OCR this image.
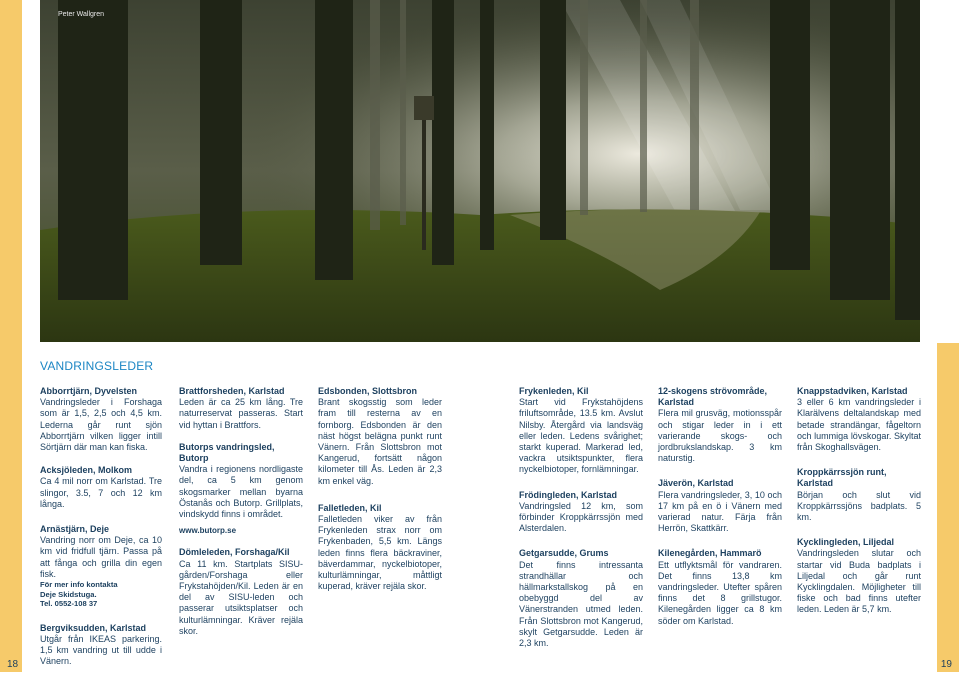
Peter Wallgren
VANDRINGSLEDER
Abborrtjärn, Dyvelsten

Vandringsleder i Forshaga som är 1,5, 2,5 och 4,5 km. Lederna går runt sjön Abborrtjärn vilken ligger intill Sörtjärn där man kan fiska.

Acksjöleden, Molkom

Ca 4 mil norr om Karlstad. Tre slingor, 3.5, 7 och 12 km långa.

Arnästjärn, Deje

Vandring norr om Deje, ca 10 km vid fridfull tjärn. Passa på att fånga och grilla din egen fisk.

För mer info kontakta
Deje Skidstuga.
Tel. 0552-108 37
Bergviksudden, Karlstad

Utgår från IKEAS parkering. 1,5 km vandring ut till udde i Vänern.

Brattforsheden, Karlstad

Leden är ca 25 km lång. Tre naturreservat passeras. Start vid hyttan i Brattfors.

Butorps vandringsled, Butorp

Vandra i regionens nordligaste del, ca 5 km genom skogsmarker mellan byarna Östanås och Butorp. Grillplats, vindskydd finns i området.

www.butorp.se
Dömleleden, Forshaga/Kil

Ca 11 km. Startplats SISU-gården/Forshaga eller Frykstahöjden/Kil. Leden är en del av SISU-leden och passerar utsiktsplatser och kulturlämningar. Kräver rejäla skor.

Edsbonden, Slottsbron

Brant skogsstig som leder fram till resterna av en fornborg. Edsbonden är den näst högst belägna punkt runt Vänern. Från Slottsbron mot Kangerud, fortsätt någon kilometer till Ås. Leden är 2,3 km enkel väg.

Falletleden, Kil

Falletleden viker av från Frykenleden strax norr om Frykenbaden, 5,5 km. Längs leden finns flera bäckraviner, bäverdammar, nyckelbiotoper, kulturlämningar, måttligt kuperad, kräver rejäla skor.

Frykenleden, Kil

Start vid Frykstahöjdens friluftsområde, 13.5 km. Avslut Nilsby. Återgård via landsväg eller leden. Ledens svårighet; starkt kuperad. Markerad led, vackra utsiktspunkter, flera nyckelbiotoper, fornlämningar.

Frödingleden, Karlstad

Vandringsled 12 km, som förbinder Kroppkärrssjön med Alsterdalen.

Getgarsudde, Grums

Det finns intressanta strandhällar och hällmarkstallskog på en obebyggd del av Vänerstranden utmed leden. Från Slottsbron mot Kangerud, skylt Getgarsudde. Leden är 2,3 km.

12-skogens strövområde, Karlstad

Flera mil grusväg, motionsspår och stigar leder in i ett varierande skogs- och jordbrukslandskap. 3 km naturstig.

Jäverön, Karlstad

Flera vandringsleder, 3, 10 och 17 km på en ö i Vänern med varierad natur. Färja från Herrön, Skattkärr.

Kilenegården, Hammarö

Ett utflyktsmål för vandraren. Det finns 13,8 km vandringsleder. Utefter spåren finns det 8 grillstugor. Kilenegården ligger ca 8 km söder om Karlstad.

Knappstadviken, Karlstad

3 eller 6 km vandringsleder i Klarälvens deltalandskap med betade strandängar, fågeltorn och lummiga lövskogar. Skyltat från Skoghallsvägen.

Kroppkärrssjön runt, Karlstad

Början och slut vid Kroppkärrssjöns badplats. 5 km.

Kycklingleden, Liljedal

Vandringsleden slutar och startar vid Buda badplats i Liljedal och går runt Kycklingdalen. Möjligheter till fiske och bad finns utefter leden. Leden är 5,7 km.

18	19
